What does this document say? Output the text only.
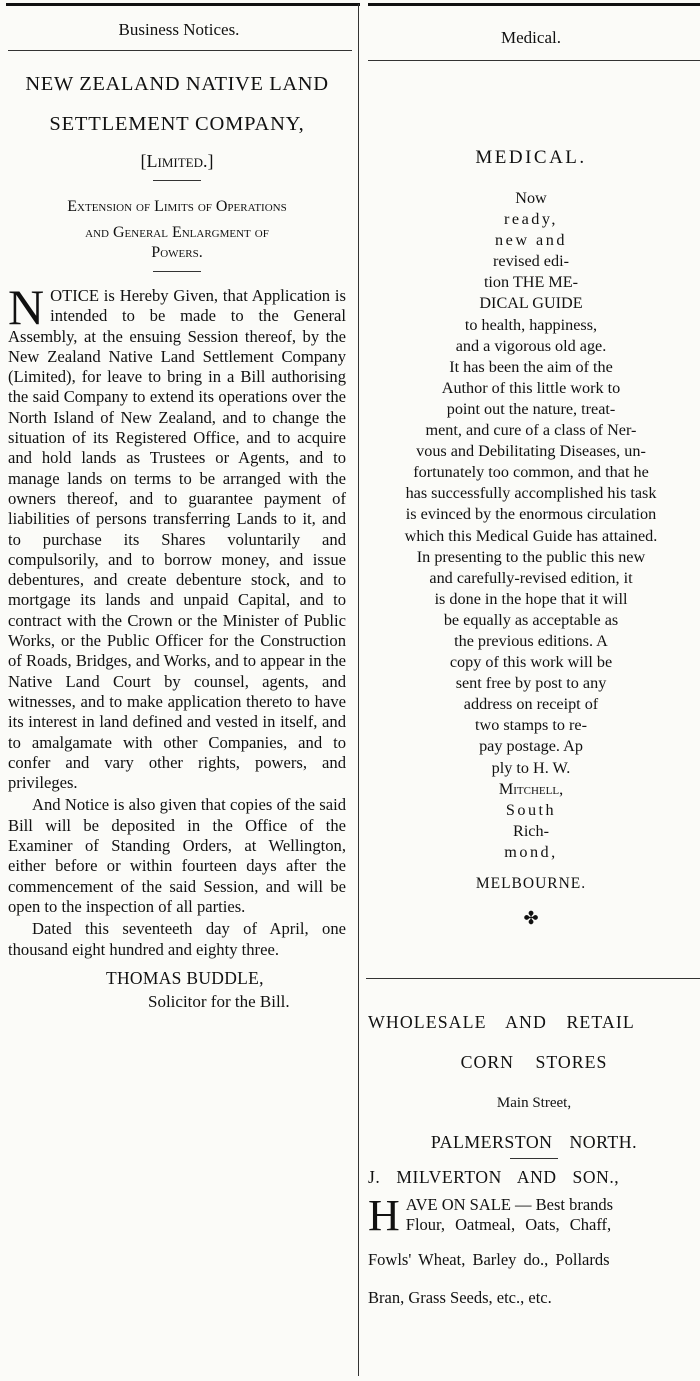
Business Notices.

NEW ZEALAND NATIVE LAND

SETTLEMENT COMPANY,

[Limited.]

Extension of Limits of Operations

and General Enlargment of

Powers.

NOTICE is Hereby Given, that Application is intended to be made to the General Assembly, at the ensuing Session thereof, by the New Zealand Native Land Settlement Company (Limited), for leave to bring in a Bill authorising the said Company to extend its operations over the North Island of New Zealand, and to change the situation of its Registered Office, and to acquire and hold lands as Trustees or Agents, and to manage lands on terms to be arranged with the owners thereof, and to guarantee payment of liabilities of persons transferring Lands to it, and to purchase its Shares voluntarily and compulsorily, and to borrow money, and issue debentures, and create debenture stock, and to mortgage its lands and unpaid Capital, and to contract with the Crown or the Minister of Public Works, or the Public Officer for the Construction of Roads, Bridges, and Works, and to appear in the Native Land Court by counsel, agents, and witnesses, and to make application thereto to have its interest in land defined and vested in itself, and to amalgamate with other Companies, and to confer and vary other rights, powers, and privileges.

And Notice is also given that copies of the said Bill will be deposited in the Office of the Examiner of Standing Orders, at Wellington, either before or within fourteen days after the commencement of the said Session, and will be open to the inspection of all parties.

Dated this seventeeth day of April, one thousand eight hundred and eighty three.

THOMAS BUDDLE,

Solicitor for the Bill.

Medical.

MEDICAL.

Now

ready,

new and

revised edi-

tion THE ME-

DICAL GUIDE

to health, happiness,

and a vigorous old age.

It has been the aim of the

Author of this little work to

point out the nature, treat-

ment, and cure of a class of Ner-

vous and Debilitating Diseases, un-

fortunately too common, and that he

has successfully accomplished his task

is evinced by the enormous circulation

which this Medical Guide has attained.

In presenting to the public this new

and carefully-revised edition, it

is done in the hope that it will

be equally as acceptable as

the previous editions. A

copy of this work will be

sent free by post to any

address on receipt of

two stamps to re-

pay postage. Ap

ply to H. W.

Mitchell,

South

Rich-

mond,

MELBOURNE.

✤

WHOLESALE AND RETAIL

CORN STORES

Main Street,

PALMERSTON NORTH.

J. MILVERTON AND SON.,

H AVE ON SALE — Best brands

Flour, Oatmeal, Oats, Chaff,

Fowls' Wheat, Barley do., Pollards

Bran, Grass Seeds, etc., etc.
